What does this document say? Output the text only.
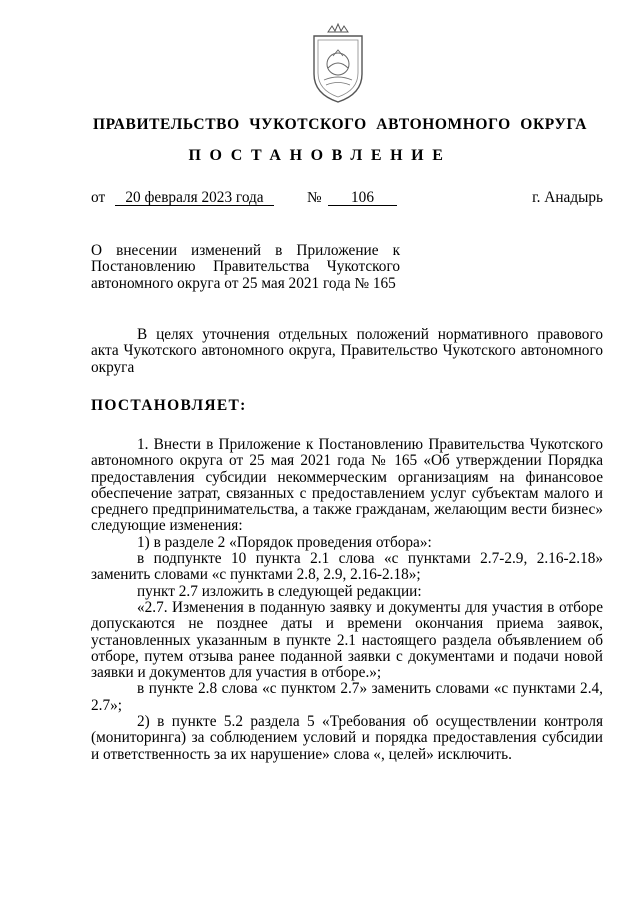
ПРАВИТЕЛЬСТВО ЧУКОТСКОГО АВТОНОМНОГО ОКРУГА
ПОСТАНОВЛЕНИЕ
от	20 февраля 2023 года	№	106	г. Анадырь

О внесении изменений в Приложение к Постановлению Правительства Чукотского автономного округа от 25 мая 2021 года № 165

В целях уточнения отдельных положений нормативного правового акта Чукотского автономного округа, Правительство Чукотского автономного округа

ПОСТАНОВЛЯЕТ:

1. Внести в Приложение к Постановлению Правительства Чукотского автономного округа от 25 мая 2021 года № 165 «Об утверждении Порядка предоставления субсидии некоммерческим организациям на финансовое обеспечение затрат, связанных с предоставлением услуг субъектам малого и среднего предпринимательства, а также гражданам, желающим вести бизнес» следующие изменения:

1) в разделе 2 «Порядок проведения отбора»:

в подпункте 10 пункта 2.1 слова «с пунктами 2.7-2.9, 2.16-2.18» заменить словами «с пунктами 2.8, 2.9, 2.16-2.18»;

пункт 2.7 изложить в следующей редакции:

«2.7. Изменения в поданную заявку и документы для участия в отборе допускаются не позднее даты и времени окончания приема заявок, установленных указанным в пункте 2.1 настоящего раздела объявлением об отборе, путем отзыва ранее поданной заявки с документами и подачи новой заявки и документов для участия в отборе.»;

в пункте 2.8 слова «с пунктом 2.7» заменить словами «с пунктами 2.4, 2.7»;

2) в пункте 5.2 раздела 5 «Требования об осуществлении контроля (мониторинга) за соблюдением условий и порядка предоставления субсидии и ответственность за их нарушение» слова «, целей» исключить.
